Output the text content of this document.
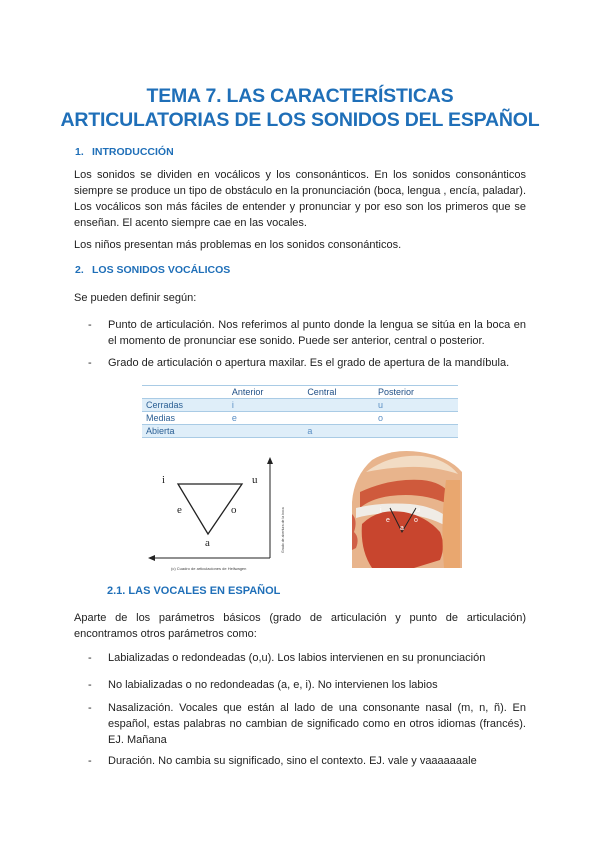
TEMA 7. LAS CARACTERÍSTICAS
ARTICULATORIAS DE LOS SONIDOS DEL ESPAÑOL
1. INTRODUCCIÓN
Los sonidos se dividen en vocálicos y los consonánticos. En los sonidos consonánticos siempre se produce un tipo de obstáculo en la pronunciación (boca, lengua , encía, paladar). Los vocálicos son más fáciles de entender y pronunciar y por eso son los primeros que se enseñan. El acento siempre cae en las vocales.
Los niños presentan más problemas en los sonidos consonánticos.
2. LOS SONIDOS VOCÁLICOS
Se pueden definir según:
- Punto de articulación. Nos referimos al punto donde la lengua se sitúa en la boca en el momento de pronunciar ese sonido. Puede ser anterior, central o posterior.
- Grado de articulación o apertura maxilar. Es el grado de apertura de la mandíbula.
	Anterior	Central	Posterior
Cerradas	i		u
Medias	e		o
Abierta		a	
i	u
e	o
a
(c) Cuadro de articulaciones de Hellwagen
Grado de abertura de la boca	i	u
e	o
a
2.1. LAS VOCALES EN ESPAÑOL
Aparte de los parámetros básicos (grado de articulación y punto de articulación) encontramos otros parámetros como:
- Labializadas o redondeadas (o,u). Los labios intervienen en su pronunciación
- No labializadas o no redondeadas (a, e, i). No intervienen los labios
- Nasalización. Vocales que están al lado de una consonante nasal (m, n, ñ). En español, estas palabras no cambian de significado como en otros idiomas (francés). EJ. Mañana
- Duración. No cambia su significado, sino el contexto. EJ. vale y vaaaaaaale
